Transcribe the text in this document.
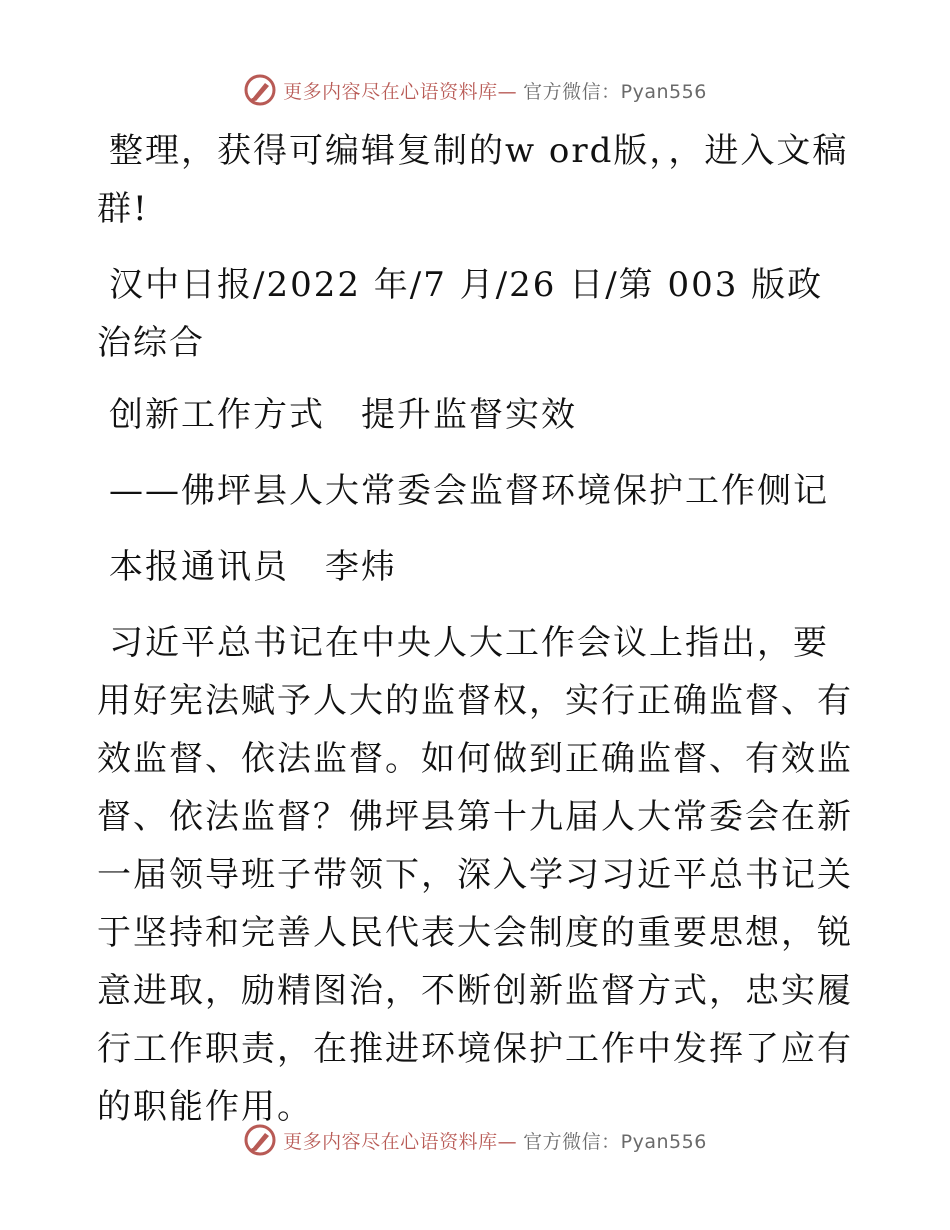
更多内容尽在心语资料库— 官方微信：Pyan556

整理，获得可编辑复制的w ord版，，进入文稿群!

汉中日报/2022 年/7 月/26 日/第 003 版政治综合

创新工作方式　提升监督实效

——佛坪县人大常委会监督环境保护工作侧记

本报通讯员　李炜

习近平总书记在中央人大工作会议上指出，要用好宪法赋予人大的监督权，实行正确监督、有效监督、依法监督。如何做到正确监督、有效监督、依法监督？佛坪县第十九届人大常委会在新一届领导班子带领下，深入学习习近平总书记关于坚持和完善人民代表大会制度的重要思想，锐意进取，励精图治，不断创新监督方式，忠实履行工作职责，在推进环境保护工作中发挥了应有的职能作用。

更多内容尽在心语资料库— 官方微信：Pyan556
